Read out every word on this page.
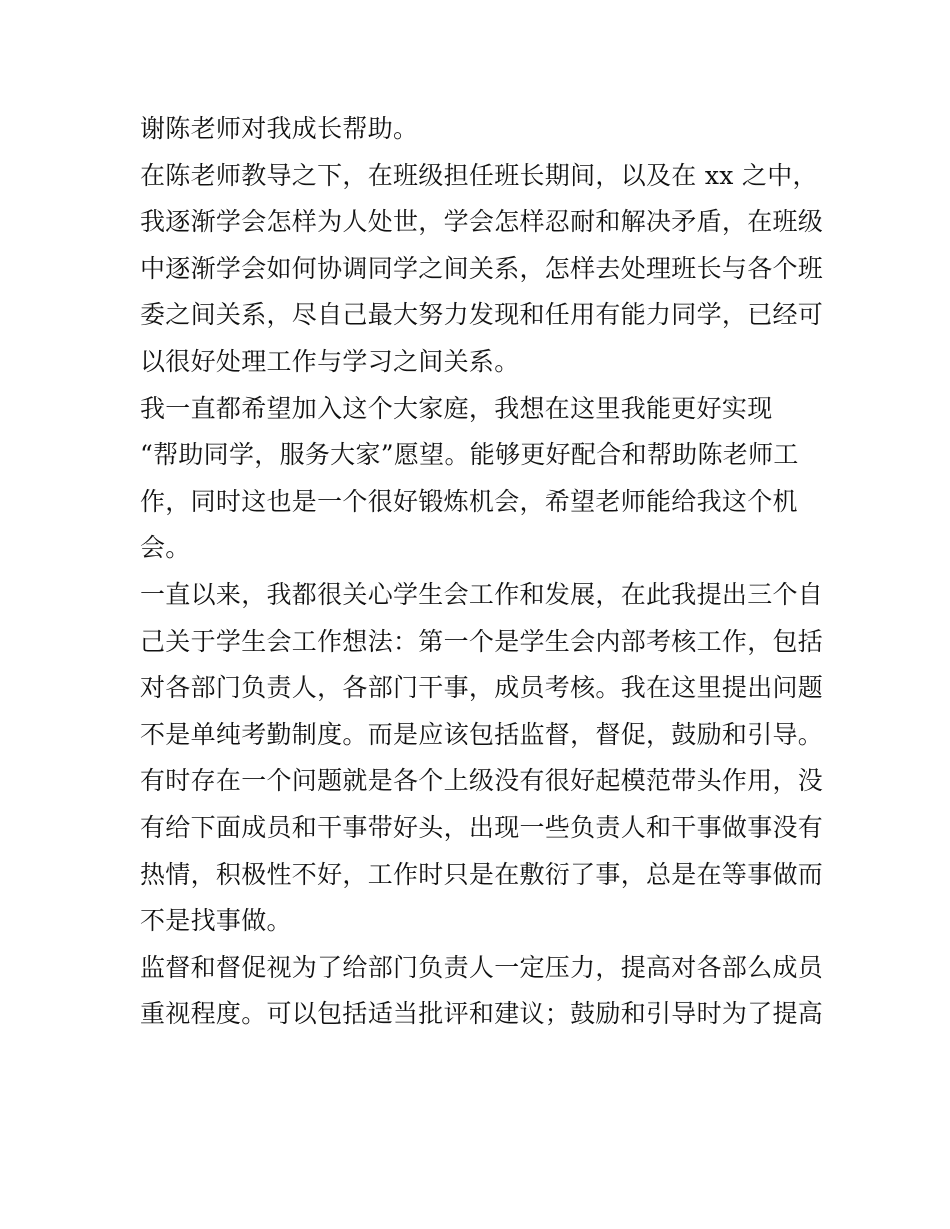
谢陈老师对我成长帮助。
在陈老师教导之下，在班级担任班长期间，以及在 xx 之中，
我逐渐学会怎样为人处世，学会怎样忍耐和解决矛盾，在班级
中逐渐学会如何协调同学之间关系，怎样去处理班长与各个班
委之间关系，尽自己最大努力发现和任用有能力同学，已经可
以很好处理工作与学习之间关系。
我一直都希望加入这个大家庭，我想在这里我能更好实现
“帮助同学，服务大家”愿望。能够更好配合和帮助陈老师工
作，同时这也是一个很好锻炼机会，希望老师能给我这个机
会。
一直以来，我都很关心学生会工作和发展，在此我提出三个自
己关于学生会工作想法：第一个是学生会内部考核工作，包括
对各部门负责人，各部门干事，成员考核。我在这里提出问题
不是单纯考勤制度。而是应该包括监督，督促，鼓励和引导。
有时存在一个问题就是各个上级没有很好起模范带头作用，没
有给下面成员和干事带好头，出现一些负责人和干事做事没有
热情，积极性不好，工作时只是在敷衍了事，总是在等事做而
不是找事做。
监督和督促视为了给部门负责人一定压力，提高对各部么成员
重视程度。可以包括适当批评和建议；鼓励和引导时为了提高
